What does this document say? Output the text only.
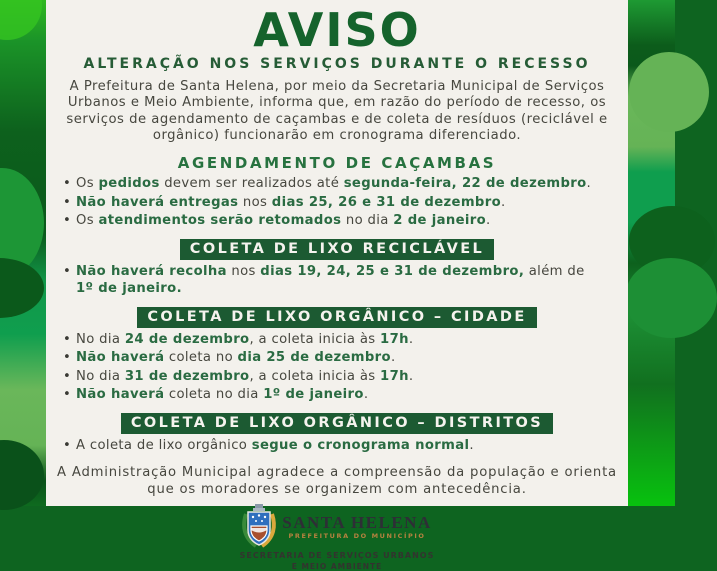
AVISO
ALTERAÇÃO NOS SERVIÇOS DURANTE O RECESSO

A Prefeitura de Santa Helena, por meio da Secretaria Municipal de Serviços Urbanos e Meio Ambiente, informa que, em razão do período de recesso, os serviços de agendamento de caçambas e de coleta de resíduos (reciclável e orgânico) funcionarão em cronograma diferenciado.

AGENDAMENTO DE CAÇAMBAS
• Os pedidos devem ser realizados até segunda-feira, 22 de dezembro.
• Não haverá entregas nos dias 25, 26 e 31 de dezembro.
• Os atendimentos serão retomados no dia 2 de janeiro.
COLETA DE LIXO RECICLÁVEL
• Não haverá recolha nos dias 19, 24, 25 e 31 de dezembro, além de 1º de janeiro.
COLETA DE LIXO ORGÂNICO – CIDADE
• No dia 24 de dezembro, a coleta inicia às 17h.
• Não haverá coleta no dia 25 de dezembro.
• No dia 31 de dezembro, a coleta inicia às 17h.
• Não haverá coleta no dia 1º de janeiro.
COLETA DE LIXO ORGÂNICO – DISTRITOS
• A coleta de lixo orgânico segue o cronograma normal.

A Administração Municipal agradece a compreensão da população e orienta que os moradores se organizem com antecedência.

SANTA HELENA
PREFEITURA DO MUNICÍPIO
SECRETARIA DE SERVIÇOS URBANOS
E MEIO AMBIENTE
